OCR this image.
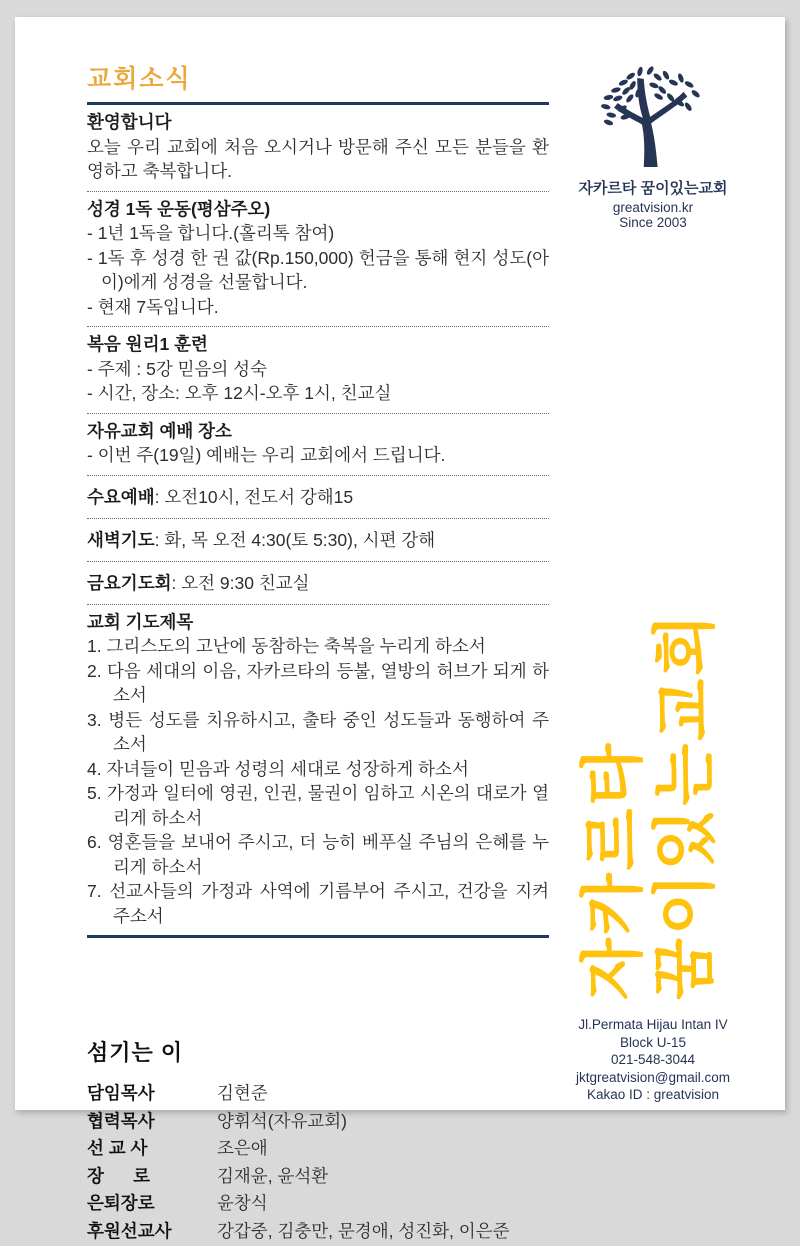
교회소식
환영합니다

오늘 우리 교회에 처음 오시거나 방문해 주신 모든 분들을 환영하고 축복합니다.

성경 1독 운동(평삼주오)

- 1년 1독을 합니다.(홀리톡 참여)

- 1독 후 성경 한 권 값(Rp.150,000) 헌금을 통해 현지 성도(아이)에게 성경을 선물합니다.

- 현재 7독입니다.

복음 원리1 훈련

- 주제 : 5강 믿음의 성숙

- 시간, 장소: 오후 12시-오후 1시, 친교실

자유교회 예배 장소

- 이번 주(19일) 예배는 우리 교회에서 드립니다.

수요예배: 오전10시, 전도서 강해15
새벽기도: 화, 목 오전 4:30(토 5:30), 시편 강해
금요기도회: 오전 9:30 친교실
교회 기도제목

1. 그리스도의 고난에 동참하는 축복을 누리게 하소서

2. 다음 세대의 이음, 자카르타의 등불, 열방의 허브가 되게 하소서

3. 병든 성도를 치유하시고, 출타 중인 성도들과 동행하여 주소서

4. 자녀들이 믿음과 성령의 세대로 성장하게 하소서

5. 가정과 일터에 영권, 인권, 물권이 임하고 시온의 대로가 열리게 하소서

6. 영혼들을 보내어 주시고, 더 능히 베푸실 주님의 은혜를 누리게 하소서

7. 선교사들의 가정과 사역에 기름부어 주시고, 건강을 지켜 주소서

섬기는 이
담임목사	김현준
협력목사	양휘석(자유교회)
선 교 사	조은애
장      로	김재윤, 윤석환
은퇴장로	윤창식
후원선교사	강갑중, 김충만, 문경애, 성진화, 이은준
자카르타 꿈이있는교회
greatvision.kr
Since 2003
자카르타 꿈이있는교회
Jl.Permata Hijau Intan IV
Block U-15
021-548-3044
jktgreatvision@gmail.com
Kakao ID : greatvision
